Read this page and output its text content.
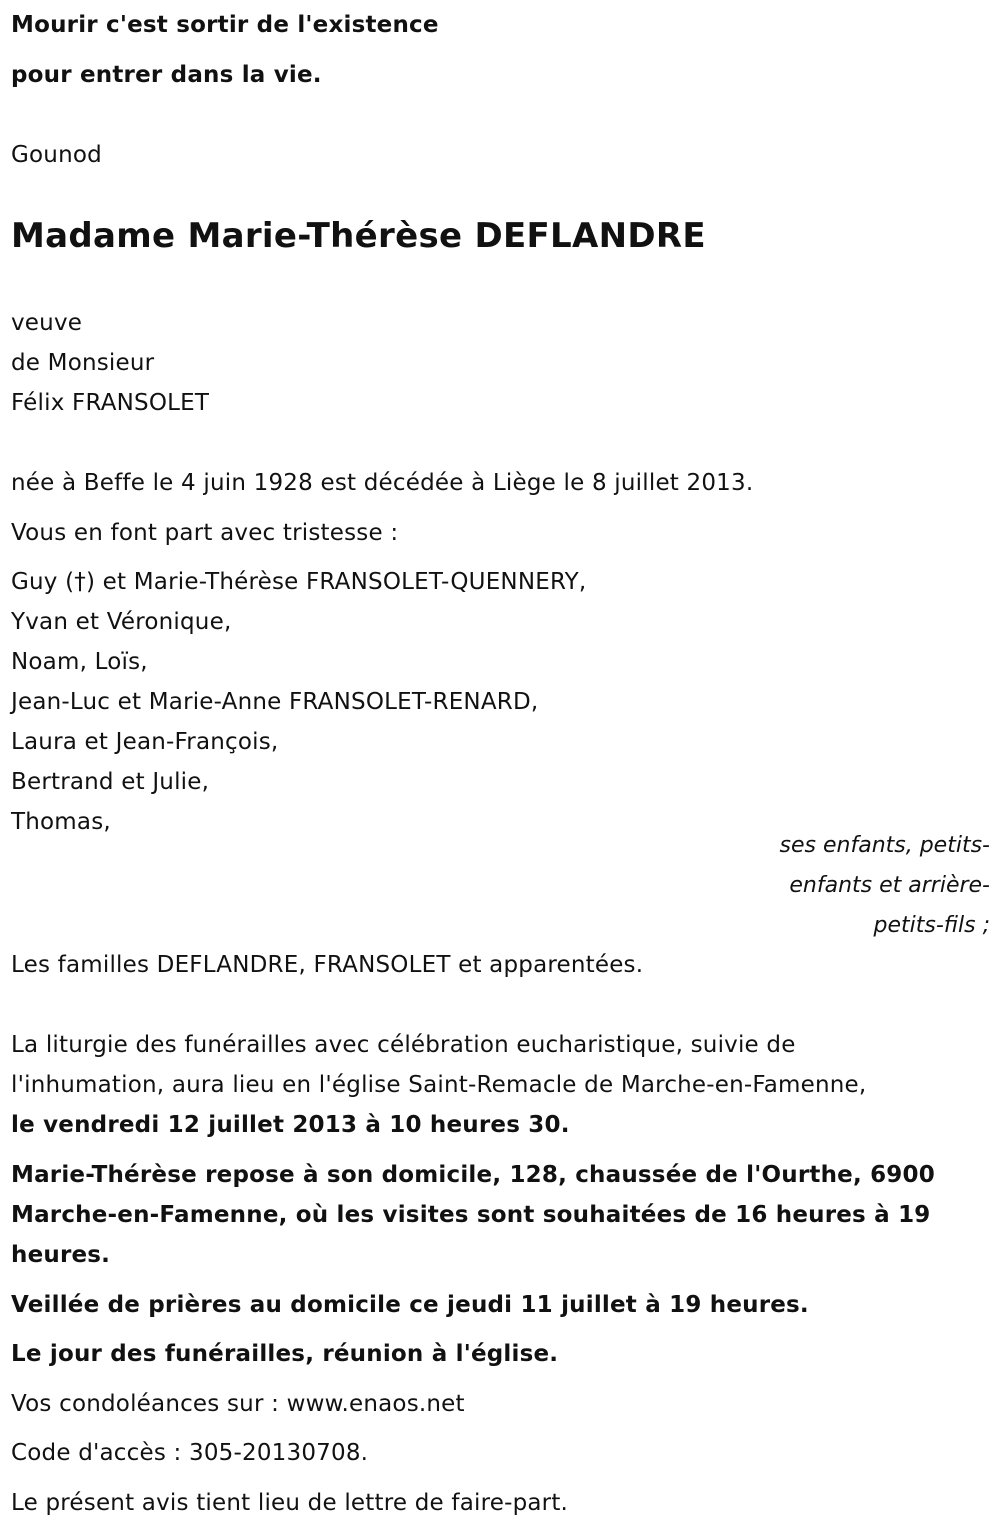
Mourir c'est sortir de l'existence
pour entrer dans la vie.
Gounod
Madame Marie-Thérèse DEFLANDRE
veuve
de Monsieur
Félix FRANSOLET
née à Beffe le 4 juin 1928 est décédée à Liège le 8 juillet 2013.
Vous en font part avec tristesse :
Guy (†) et Marie-Thérèse FRANSOLET-QUENNERY,
Yvan et Véronique,
Noam, Loïs,
Jean-Luc et Marie-Anne FRANSOLET-RENARD,
Laura et Jean-François,
Bertrand et Julie,
Thomas,
ses enfants, petits-
enfants et arrière-
petits-fils ;
Les familles DEFLANDRE, FRANSOLET et apparentées.
La liturgie des funérailles avec célébration eucharistique, suivie de
l'inhumation, aura lieu en l'église Saint-Remacle de Marche-en-Famenne,
le vendredi 12 juillet 2013 à 10 heures 30.
Marie-Thérèse repose à son domicile, 128, chaussée de l'Ourthe, 6900
Marche-en-Famenne, où les visites sont souhaitées de 16 heures à 19
heures.
Veillée de prières au domicile ce jeudi 11 juillet à 19 heures.
Le jour des funérailles, réunion à l'église.
Vos condoléances sur : www.enaos.net
Code d'accès : 305-20130708.
Le présent avis tient lieu de lettre de faire-part.
